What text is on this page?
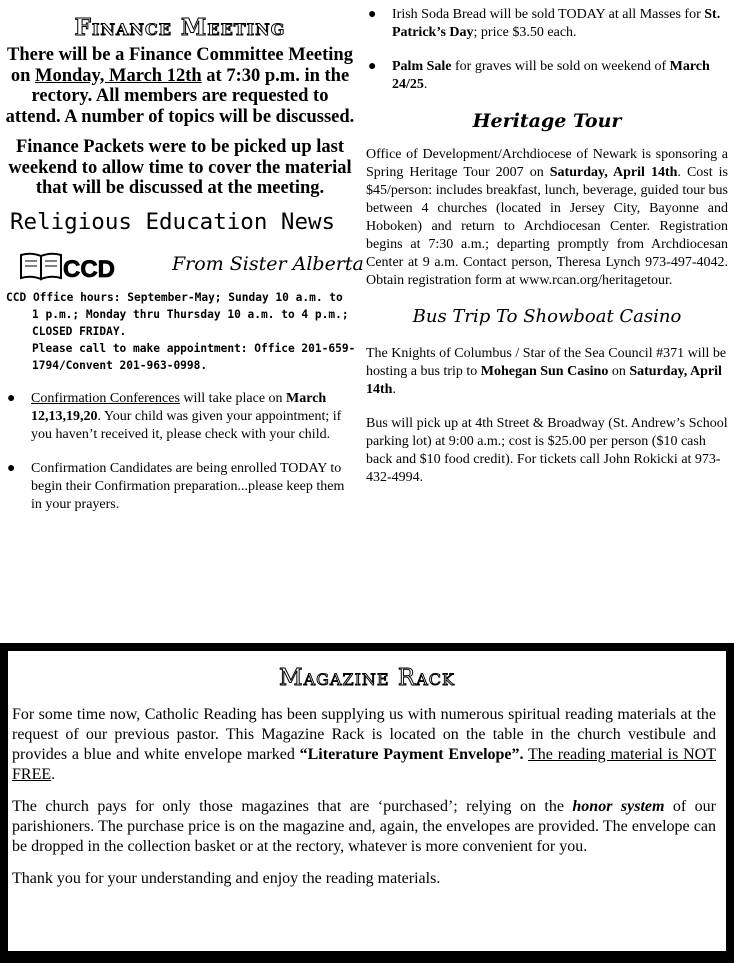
Finance Meeting

There will be a Finance Committee Meeting on Monday, March 12th at 7:30 p.m. in the rectory. All members are requested to attend. A number of topics will be discussed.

Finance Packets were to be picked up last weekend to allow time to cover the material that will be discussed at the meeting.

Religious Education News
CCD	From Sister Alberta
CCD Office hours: September-May; Sunday 10 a.m. to 1 p.m.; Monday thru Thursday 10 a.m. to 4 p.m.; CLOSED FRIDAY.
Please call to make appointment: Office 201-659-1794/Convent 201-963-0998.
● Confirmation Conferences will take place on March 12,13,19,20. Your child was given your appointment; if you haven’t received it, please check with your child.
● Confirmation Candidates are being enrolled TODAY to begin their Confirmation preparation...please keep them in your prayers.
● Irish Soda Bread will be sold TODAY at all Masses for St. Patrick’s Day; price $3.50 each.
● Palm Sale for graves will be sold on weekend of March 24/25.
Heritage Tour

Office of Development/Archdiocese of Newark is sponsoring a Spring Heritage Tour 2007 on Saturday, April 14th. Cost is $45/person: includes breakfast, lunch, beverage, guided tour bus between 4 churches (located in Jersey City, Bayonne and Hoboken) and return to Archdiocesan Center. Registration begins at 7:30 a.m.; departing promptly from Archdiocesan Center at 9 a.m. Contact person, Theresa Lynch 973-497-4042. Obtain registration form at www.rcan.org/heritagetour.

Bus Trip To Showboat Casino

The Knights of Columbus / Star of the Sea Council #371 will be hosting a bus trip to Mohegan Sun Casino on Saturday, April 14th.

Bus will pick up at 4th Street & Broadway (St. Andrew’s School parking lot) at 9:00 a.m.; cost is $25.00 per person ($10 cash back and $10 food credit). For tickets call John Rokicki at 973-432-4994.

Magazine Rack

For some time now, Catholic Reading has been supplying us with numerous spiritual reading materials at the request of our previous pastor. This Magazine Rack is located on the table in the church vestibule and provides a blue and white envelope marked “Literature Payment Envelope”. The reading material is NOT FREE.

The church pays for only those magazines that are ‘purchased’; relying on the honor system of our parishioners. The purchase price is on the magazine and, again, the envelopes are provided. The envelope can be dropped in the collection basket or at the rectory, whatever is more convenient for you.

Thank you for your understanding and enjoy the reading materials.
